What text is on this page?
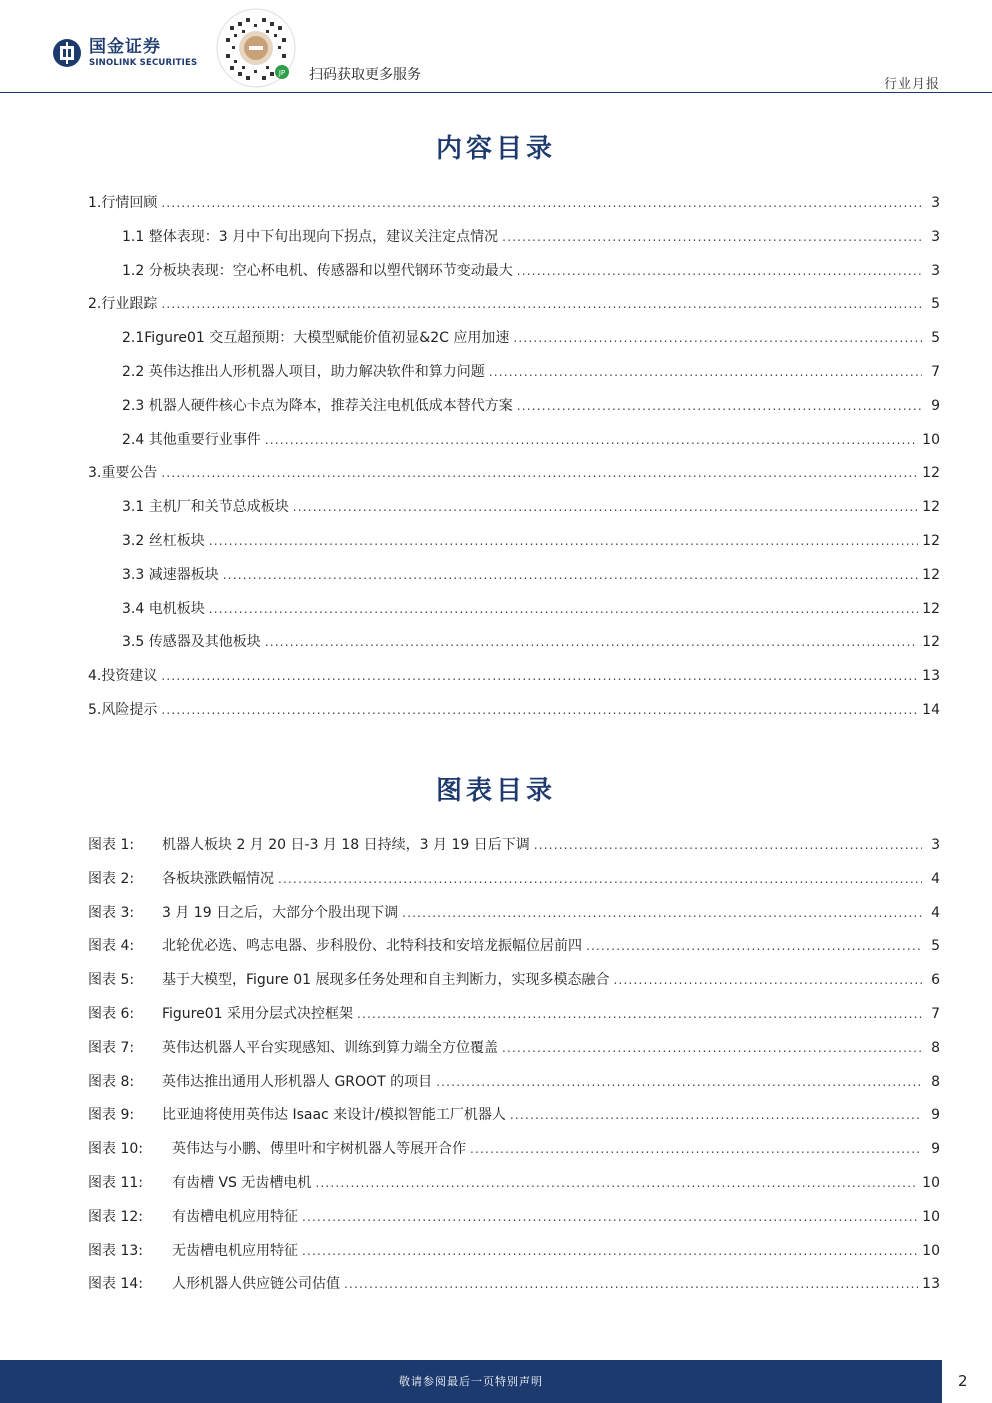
国金证券
SINOLINK SECURITIES
JP 扫码获取更多服务
行业月报
内容目录
1.行情回顾 .....	3
1.1 整体表现：3 月中下旬出现向下拐点，建议关注定点情况 .....	3
1.2 分板块表现：空心杯电机、传感器和以塑代钢环节变动最大 .....	3
2.行业跟踪 .....	5
2.1Figure01 交互超预期：大模型赋能价值初显&2C 应用加速 .....	5
2.2 英伟达推出人形机器人项目，助力解决软件和算力问题 .....	7
2.3 机器人硬件核心卡点为降本，推荐关注电机低成本替代方案 .....	9
2.4 其他重要行业事件 .....	10
3.重要公告 .....	12
3.1 主机厂和关节总成板块 .....	12
3.2 丝杠板块 .....	12
3.3 减速器板块 .....	12
3.4 电机板块 .....	12
3.5 传感器及其他板块 .....	12
4.投资建议 .....	13
5.风险提示 .....	14
图表目录
图表 1: 机器人板块 2 月 20 日-3 月 18 日持续，3 月 19 日后下调 .....	3
图表 2: 各板块涨跌幅情况 .....	4
图表 3: 3 月 19 日之后，大部分个股出现下调 .....	4
图表 4: 北轮优必选、鸣志电器、步科股份、北特科技和安培龙振幅位居前四 .....	5
图表 5: 基于大模型，Figure 01 展现多任务处理和自主判断力，实现多模态融合 .....	6
图表 6: Figure01 采用分层式决控框架 .....	7
图表 7: 英伟达机器人平台实现感知、训练到算力端全方位覆盖 .....	8
图表 8: 英伟达推出通用人形机器人 GROOT 的项目 .....	8
图表 9: 比亚迪将使用英伟达 Isaac 来设计/模拟智能工厂机器人 .....	9
图表 10: 英伟达与小鹏、傅里叶和宇树机器人等展开合作 .....	9
图表 11: 有齿槽 VS 无齿槽电机 .....	10
图表 12: 有齿槽电机应用特征 .....	10
图表 13: 无齿槽电机应用特征 .....	10
图表 14: 人形机器人供应链公司估值 .....	13
敬请参阅最后一页特别声明	2
